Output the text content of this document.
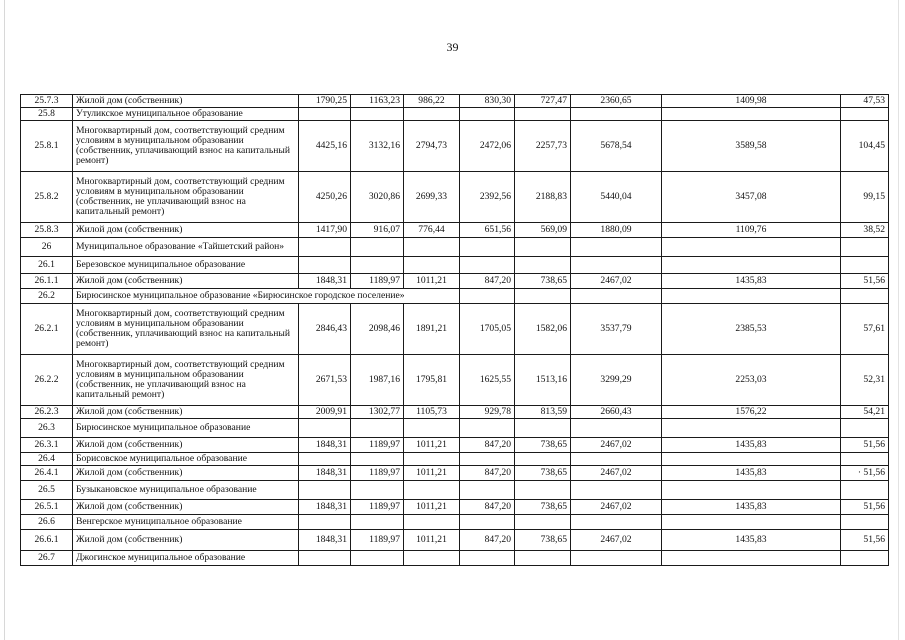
39
25.7.3	Жилой дом (собственник)	1790,25	1163,23	986,22	830,30	727,47	2360,65	1409,98	47,53
25.8	Утуликское муниципальное образование								
25.8.1	Многоквартирный дом, соответствующий средним условиям в муниципальном образовании (собственник, уплачивающий взнос на капитальный ремонт)	4425,16	3132,16	2794,73	2472,06	2257,73	5678,54	3589,58	104,45
25.8.2	Многоквартирный дом, соответствующий средним условиям в муниципальном образовании (собственник, не уплачивающий взнос на капитальный ремонт)	4250,26	3020,86	2699,33	2392,56	2188,83	5440,04	3457,08	99,15
25.8.3	Жилой дом (собственник)	1417,90	916,07	776,44	651,56	569,09	1880,09	1109,76	38,52
26	Муниципальное образование «Тайшетский район»								
26.1	Березовское муниципальное образование								
26.1.1	Жилой дом (собственник)	1848,31	1189,97	1011,21	847,20	738,65	2467,02	1435,83	51,56
26.2	Бирюсинское муниципальное образование «Бирюсинское городское поселение»								
26.2.1	Многоквартирный дом, соответствующий средним условиям в муниципальном образовании (собственник, уплачивающий взнос на капитальный ремонт)	2846,43	2098,46	1891,21	1705,05	1582,06	3537,79	2385,53	57,61
26.2.2	Многоквартирный дом, соответствующий средним условиям в муниципальном образовании (собственник, не уплачивающий взнос на капитальный ремонт)	2671,53	1987,16	1795,81	1625,55	1513,16	3299,29	2253,03	52,31
26.2.3	Жилой дом (собственник)	2009,91	1302,77	1105,73	929,78	813,59	2660,43	1576,22	54,21
26.3	Бирюсинское муниципальное образование								
26.3.1	Жилой дом (собственник)	1848,31	1189,97	1011,21	847,20	738,65	2467,02	1435,83	51,56
26.4	Борисовское муниципальное образование								
26.4.1	Жилой дом (собственник)	1848,31	1189,97	1011,21	847,20	738,65	2467,02	1435,83	· 51,56
26.5	Бузыкановское муниципальное образование								
26.5.1	Жилой дом (собственник)	1848,31	1189,97	1011,21	847,20	738,65	2467,02	1435,83	51,56
26.6	Венгерское муниципальное образование								
26.6.1	Жилой дом (собственник)	1848,31	1189,97	1011,21	847,20	738,65	2467,02	1435,83	51,56
26.7	Джогинское муниципальное образование								
